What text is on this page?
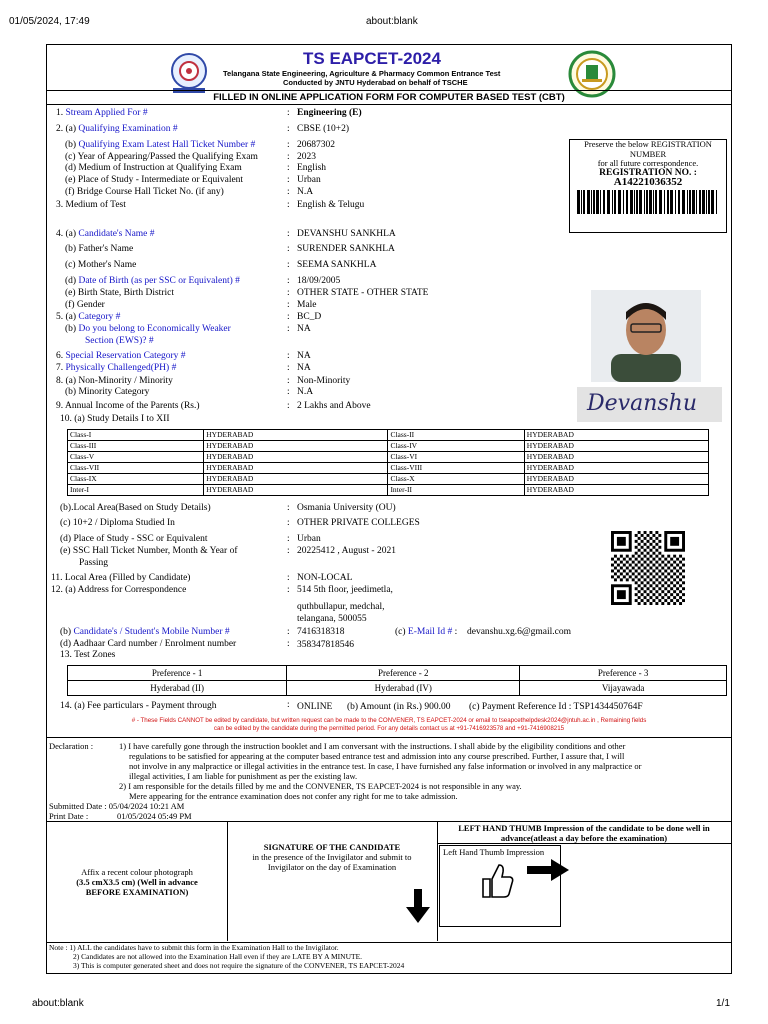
01/05/2024, 17:49	about:blank
TS EAPCET-2024
Telangana State Engineering, Agriculture & Pharmacy Common Entrance Test
Conducted by JNTU Hyderabad on behalf of TSCHE
FILLED IN ONLINE APPLICATION FORM FOR COMPUTER BASED TEST (CBT)
1. Stream Applied For #	: Engineering (E)
2. (a) Qualifying Examination #	: CBSE (10+2)
(b) Qualifying Exam Latest Hall Ticket Number #	: 20687302
(c) Year of Appearing/Passed the Qualifying Exam	: 2023
(d) Medium of Instruction at Qualifying Exam	: English
(e) Place of Study - Intermediate or Equivalent	: Urban
(f) Bridge Course Hall Ticket No. (if any)	: N.A
3. Medium of Test	: English & Telugu
4. (a) Candidate's Name #	: DEVANSHU SANKHLA
(b) Father's Name	: SURENDER SANKHLA
(c) Mother's Name	: SEEMA SANKHLA
(d) Date of Birth (as per SSC or Equivalent) #	: 18/09/2005
(e) Birth State, Birth District	: OTHER STATE - OTHER STATE
(f) Gender	: Male
5. (a) Category #	: BC_D
(b) Do you belong to Economically Weaker	: NA
Section (EWS)? #
6. Special Reservation Category #	: NA
7. Physically Challenged(PH) #	: NA
8. (a) Non-Minority / Minority	: Non-Minority
(b) Minority Category	: N.A
9. Annual Income of the Parents (Rs.)	: 2 Lakhs and Above
Preserve the below REGISTRATION
NUMBER
for all future correspondence.
REGISTRATION NO. :
A14221036352
Devanshu
10. (a) Study Details I to XII
Class-I	HYDERABAD	Class-II	HYDERABAD
Class-III	HYDERABAD	Class-IV	HYDERABAD
Class-V	HYDERABAD	Class-VI	HYDERABAD
Class-VII	HYDERABAD	Class-VIII	HYDERABAD
Class-IX	HYDERABAD	Class-X	HYDERABAD
Inter-I	HYDERABAD	Inter-II	HYDERABAD
(b).Local Area(Based on Study Details)	: Osmania University (OU)
(c) 10+2 / Diploma Studied In	: OTHER PRIVATE COLLEGES
(d) Place of Study - SSC or Equivalent	: Urban
(e) SSC Hall Ticket Number, Month & Year of	: 20225412 , August - 2021
Passing
11. Local Area (Filled by Candidate)	: NON-LOCAL
12. (a) Address for Correspondence	: 514 5th floor, jeedimetla,
quthbullapur, medchal,
telangana, 500055
(b) Candidate's / Student's Mobile Number #	: 7416318318	(c) E-Mail Id # : devanshu.xg.6@gmail.com
(d) Aadhaar Card number / Enrolment number	: 358347818546
13. Test Zones
Preference - 1	Preference - 2	Preference - 3
Hyderabad (II)	Hyderabad (IV)	Vijayawada
14. (a) Fee particulars - Payment through	: ONLINE (b) Amount (in Rs.) 900.00 (c) Payment Reference Id : TSP1434450764F
# - These Fields CANNOT be edited by candidate, but written request can be made to the CONVENER, TS EAPCET-2024 or email to tseapcethelpdesk2024@jntuh.ac.in , Remaining fields
can be edited by the candidate during the permitted period. For any details contact us at +91-7416923578 and +91-7416908215
Declaration :	1) I have carefully gone through the instruction booklet and I am conversant with the instructions. I shall abide by the eligibility conditions and other
regulations to be satisfied for appearing at the computer based entrance test and admission into any course prescribed. Further, I assure that, I will
not involve in any malpractice or illegal activities in the entrance test. In case, I have furnished any false information or involved in any malpractice or
illegal activities, I am liable for punishment as per the existing law.
2) I am responsible for the details filled by me and the CONVENER, TS EAPCET-2024 is not responsible in any way.
Mere appearing for the entrance examination does not confer any right for me to take admission.
Submitted Date : 05/04/2024 10:21 AM
Print Date :	01/05/2024 05:49 PM
Affix a recent colour photograph
(3.5 cmX3.5 cm) (Well in advance
BEFORE EXAMINATION)
SIGNATURE OF THE CANDIDATE
in the presence of the Invigilator and submit to
Invigilator on the day of Examination
LEFT HAND THUMB Impression of the candidate to be done well in
advance(atleast a day before the examination)
Left Hand Thumb Impression
Note : 1) ALL the candidates have to submit this form in the Examination Hall to the Invigilator.
2) Candidates are not allowed into the Examination Hall even if they are LATE BY A MINUTE.
3) This is computer generated sheet and does not require the signature of the CONVENER, TS EAPCET-2024
about:blank	1/1
